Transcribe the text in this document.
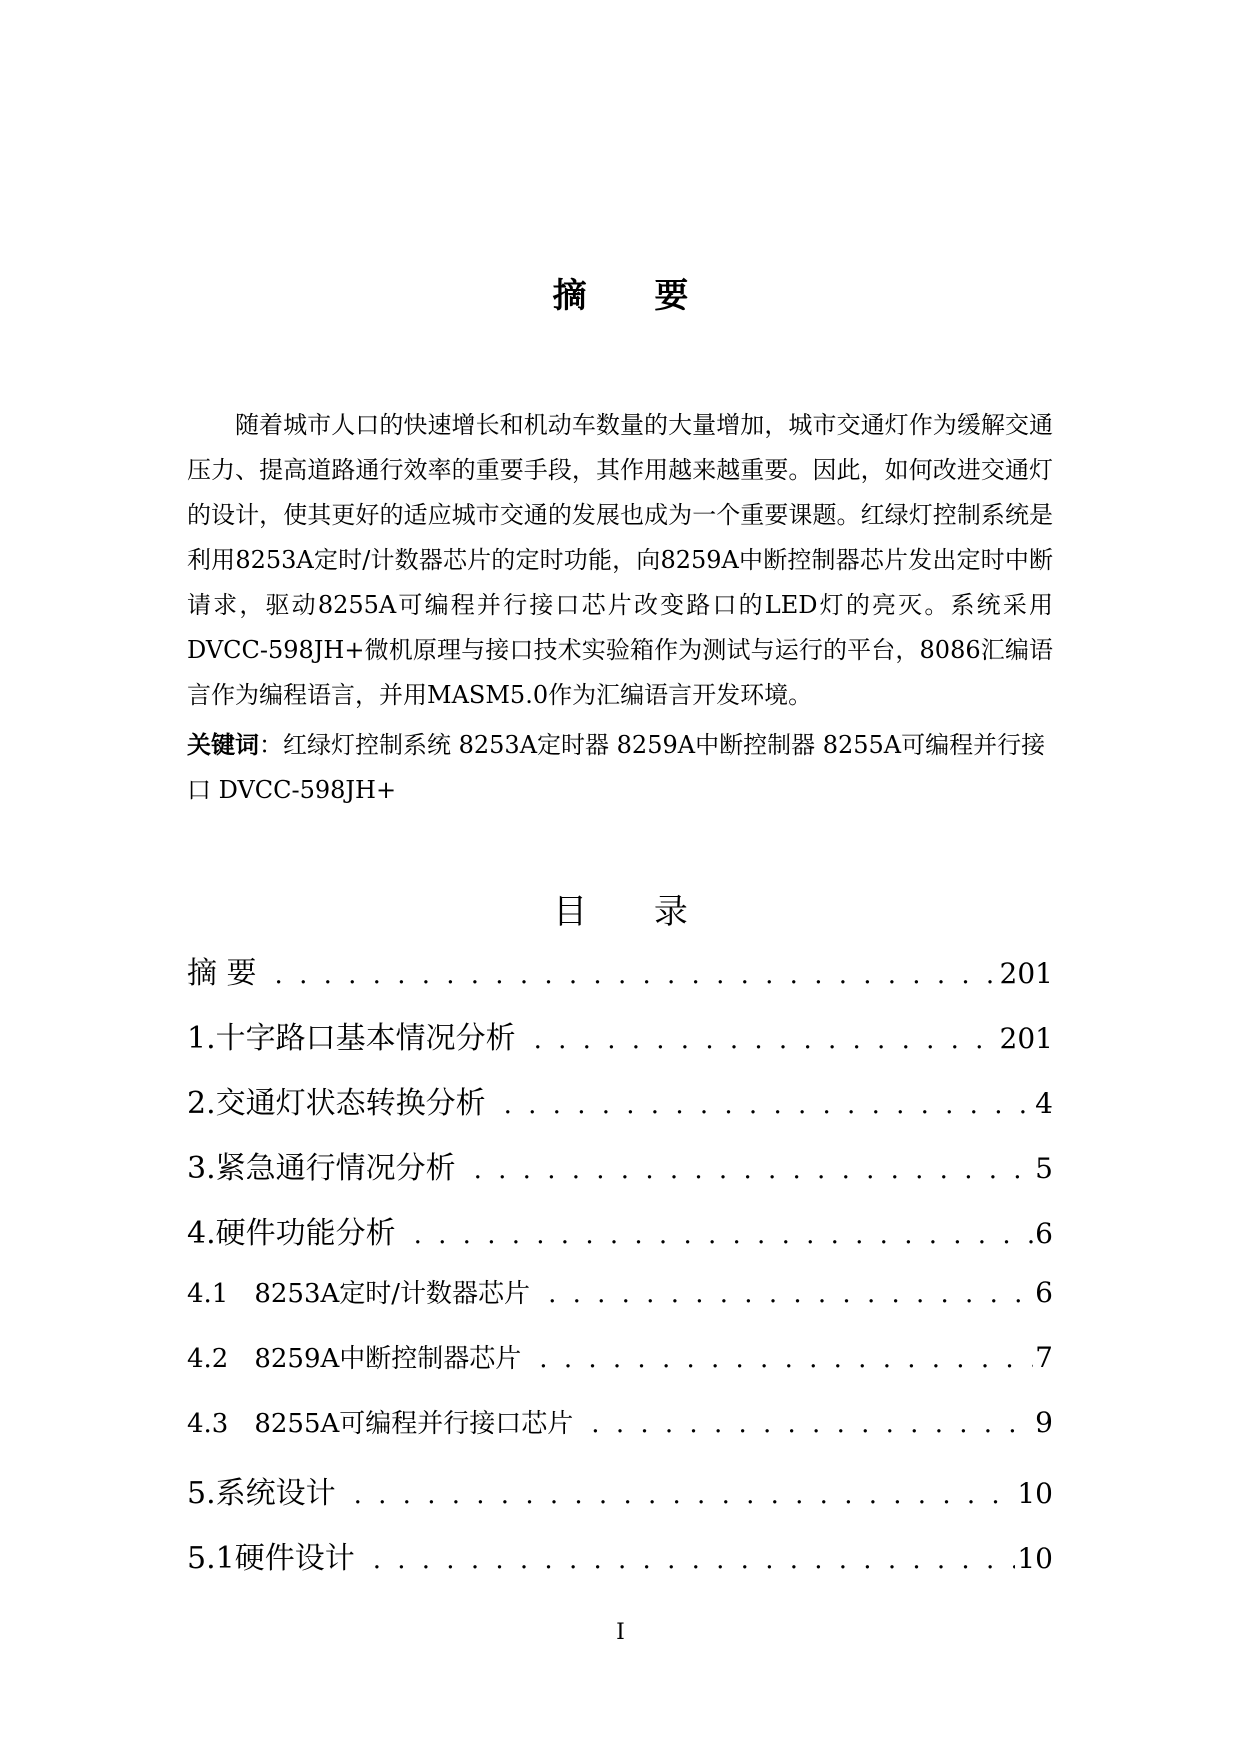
摘 要

随着城市人口的快速增长和机动车数量的大量增加，城市交通灯作为缓解交通压力、提高道路通行效率的重要手段，其作用越来越重要。因此，如何改进交通灯的设计，使其更好的适应城市交通的发展也成为一个重要课题。红绿灯控制系统是利用8253A定时/计数器芯片的定时功能，向8259A中断控制器芯片发出定时中断请求，驱动8255A可编程并行接口芯片改变路口的LED灯的亮灭。系统采用DVCC-598JH+微机原理与接口技术实验箱作为测试与运行的平台，8086汇编语言作为编程语言，并用MASM5.0作为汇编语言开发环境。

关键词：红绿灯控制系统 8253A定时器 8259A中断控制器 8255A可编程并行接口 DVCC-598JH+

目 录
摘 要 . . .	201
1.十字路口基本情况分析 . . .	201
2.交通灯状态转换分析 . . .	4
3.紧急通行情况分析 . . .	5
4.硬件功能分析 . . .	6
4.1　8253A定时/计数器芯片 . . .	6
4.2　8259A中断控制器芯片 . . .	7
4.3　8255A可编程并行接口芯片 . . .	9
5.系统设计 . . .	10
5.1硬件设计 . . .	10
I
